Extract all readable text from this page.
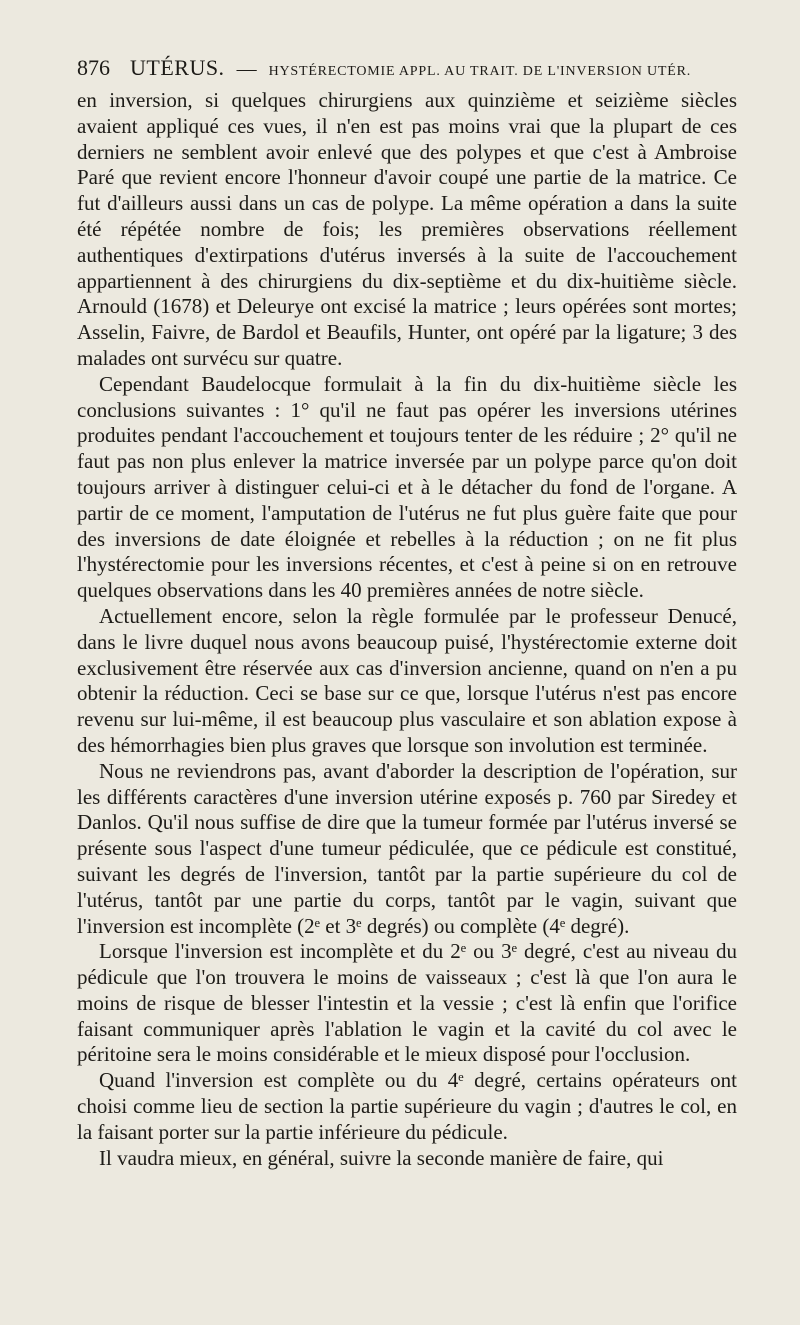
876 UTÉRUS. — HYSTÉRECTOMIE APPL. AU TRAIT. DE L'INVERSION UTÉR.

en inversion, si quelques chirurgiens aux quinzième et seizième siècles avaient appliqué ces vues, il n'en est pas moins vrai que la plupart de ces derniers ne semblent avoir enlevé que des polypes et que c'est à Ambroise Paré que revient encore l'honneur d'avoir coupé une partie de la matrice. Ce fut d'ailleurs aussi dans un cas de polype. La même opération a dans la suite été répétée nombre de fois; les premières observations réellement authentiques d'extirpations d'utérus inversés à la suite de l'accouchement appartiennent à des chirurgiens du dix-septième et du dix-huitième siècle. Arnould (1678) et Deleurye ont excisé la matrice ; leurs opérées sont mortes; Asselin, Faivre, de Bardol et Beaufils, Hunter, ont opéré par la ligature; 3 des malades ont survécu sur quatre.

Cependant Baudelocque formulait à la fin du dix-huitième siècle les conclusions suivantes : 1° qu'il ne faut pas opérer les inversions utérines produites pendant l'accouchement et toujours tenter de les réduire ; 2° qu'il ne faut pas non plus enlever la matrice inversée par un polype parce qu'on doit toujours arriver à distinguer celui-ci et à le détacher du fond de l'organe. A partir de ce moment, l'amputation de l'utérus ne fut plus guère faite que pour des inversions de date éloignée et rebelles à la réduction ; on ne fit plus l'hystérectomie pour les inversions récentes, et c'est à peine si on en retrouve quelques observations dans les 40 premières années de notre siècle.

Actuellement encore, selon la règle formulée par le professeur Denucé, dans le livre duquel nous avons beaucoup puisé, l'hystérectomie externe doit exclusivement être réservée aux cas d'inversion ancienne, quand on n'en a pu obtenir la réduction. Ceci se base sur ce que, lorsque l'utérus n'est pas encore revenu sur lui-même, il est beaucoup plus vasculaire et son ablation expose à des hémorrhagies bien plus graves que lorsque son involution est terminée.

Nous ne reviendrons pas, avant d'aborder la description de l'opération, sur les différents caractères d'une inversion utérine exposés p. 760 par Siredey et Danlos. Qu'il nous suffise de dire que la tumeur formée par l'utérus inversé se présente sous l'aspect d'une tumeur pédiculée, que ce pédicule est constitué, suivant les degrés de l'inversion, tantôt par la partie supérieure du col de l'utérus, tantôt par une partie du corps, tantôt par le vagin, suivant que l'inversion est incomplète (2ᵉ et 3ᵉ degrés) ou complète (4ᵉ degré).

Lorsque l'inversion est incomplète et du 2ᵉ ou 3ᵉ degré, c'est au niveau du pédicule que l'on trouvera le moins de vaisseaux ; c'est là que l'on aura le moins de risque de blesser l'intestin et la vessie ; c'est là enfin que l'orifice faisant communiquer après l'ablation le vagin et la cavité du col avec le péritoine sera le moins considérable et le mieux disposé pour l'occlusion.

Quand l'inversion est complète ou du 4ᵉ degré, certains opérateurs ont choisi comme lieu de section la partie supérieure du vagin ; d'autres le col, en la faisant porter sur la partie inférieure du pédicule.

Il vaudra mieux, en général, suivre la seconde manière de faire, qui
